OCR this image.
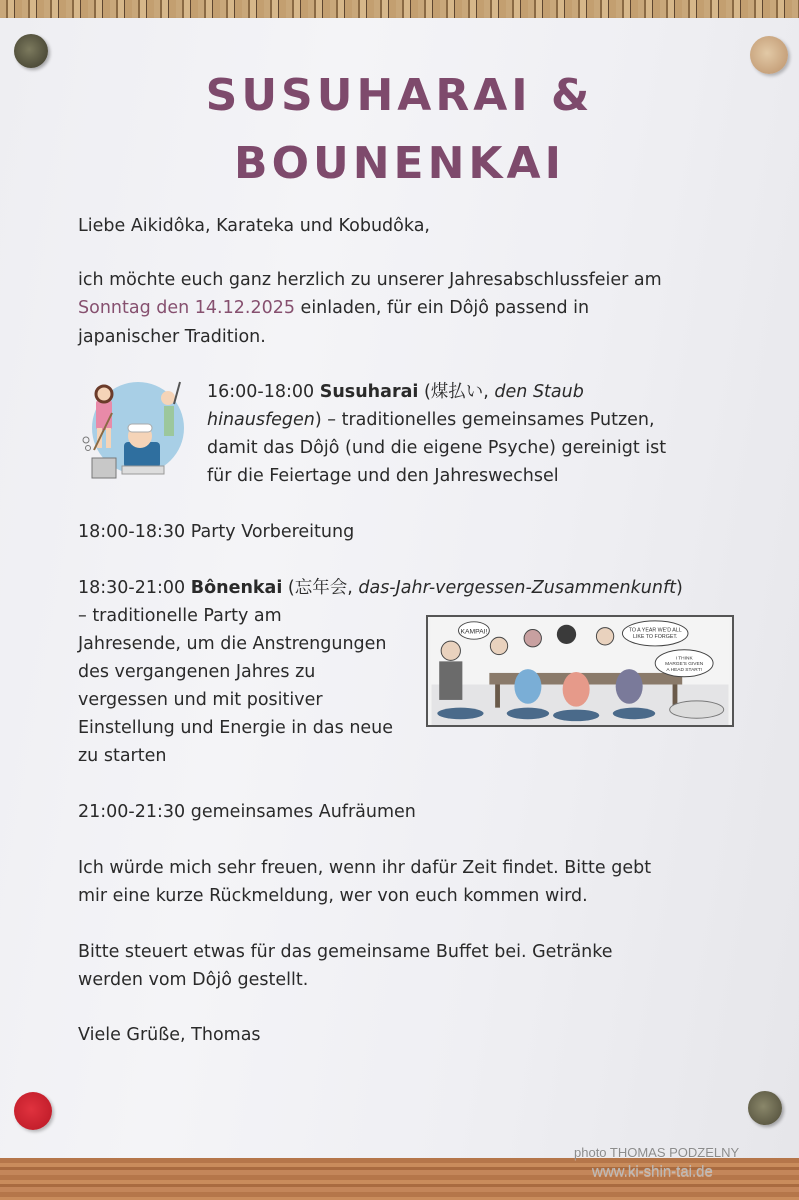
SUSUHARAI &
BOUNENKAI
Liebe Aikidôka, Karateka und Kobudôka,
ich möchte euch ganz herzlich zu unserer Jahresabschlussfeier am
Sonntag den 14.12.2025 einladen, für ein Dôjô passend in
japanischer Tradition.
16:00-18:00 Susuharai (煤払い, den Staub
hinausfegen) – traditionelles gemeinsames Putzen,
damit das Dôjô (und die eigene Psyche) gereinigt ist
für die Feiertage und den Jahreswechsel
18:00-18:30 Party Vorbereitung
18:30-21:00 Bônenkai (忘年会, das-Jahr-vergessen-Zusammenkunft)
– traditionelle Party am
Jahresende, um die Anstrengungen
des vergangenen Jahres zu
vergessen und mit positiver
Einstellung und Energie in das neue
zu starten
KAMPAI!	TO A YEAR WE'D ALL
LIKE TO FORGET.
I THINK
MARGE'S GIVEN
A HEAD START!
21:00-21:30 gemeinsames Aufräumen
Ich würde mich sehr freuen, wenn ihr dafür Zeit findet. Bitte gebt
mir eine kurze Rückmeldung, wer von euch kommen wird.
Bitte steuert etwas für das gemeinsame Buffet bei. Getränke
werden vom Dôjô gestellt.
Viele Grüße, Thomas
photo THOMAS PODZELNY
www.ki-shin-tai.de
